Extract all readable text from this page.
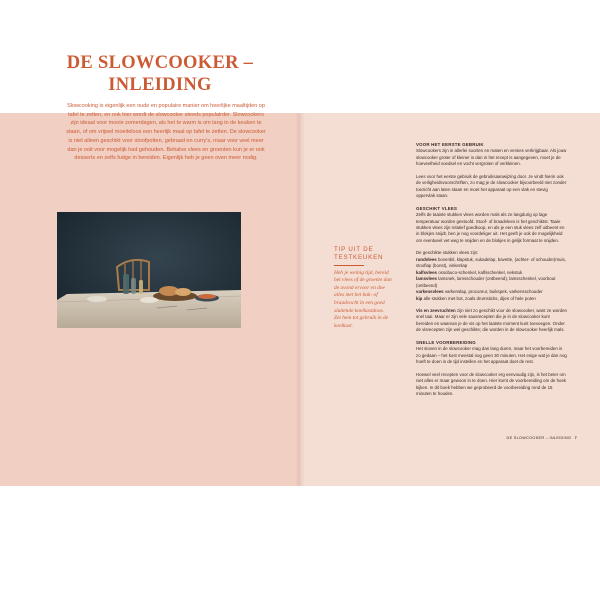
DE SLOWCOOKER –
INLEIDING

Slowcooking is eigenlijk een oude en populaire manier om heerlijke maaltijden op tafel te zetten, en ook hier wordt de slowcooker steeds populairder. Slowcookers zijn ideaal voor mooie zomerdagen, als het te warm is om lang in de keuken te staan, of om vrijwel moeiteloos een heerlijk maal op tafel te zetten. De slowcooker is niet alleen geschikt voor stoofpotten, gebraad en curry's, maar voor veel meer dan je ooit voor mogelijk had gehouden. Behalve vlees en groenten kun je er ook desserts en zelfs fudge in bereiden. Eigenlijk heb je geen oven meer nodig.

TIP UIT DE
TESTKEUKEN

Heb je weinig tijd, bereid het vlees of de groente dan de avond ervoor en doe alles met het bak- of braadvocht in een goed sluitende koelkastdoos. Zet hem tot gebruik in de koelkast.

VOOR HET EERSTE GEBRUIK

Slowcookers zijn in allerlei soorten en maten en versies verkrijgbaar. Als jouw slowcooker groter of kleiner is dan in het recept is aangegeven, moet je de hoeveelheid voedsel en vocht vergroten of verkleinen.

Lees voor het eerste gebruik de gebruiksaanwijzing door. Je vindt hierin ook de veiligheidsvoorschriften, zo mag je de slowcooker bijvoorbeeld niet zonder toezicht aan laten staan en moet het apparaat op een vlak en stevig oppervlak staan.

GESCHIKT VLEES

Zelfs de taaiste stukken vlees worden mals als ze langdurig op lage temperatuur worden gestoofd. Stoof- of braadvlees is het geschiktst. Taaie stukken vlees zijn relatief goedkoop, en als je een stuk vlees zelf uitbeent en in blokjes snijdt, ben je nog voordeliger uit. Het geeft je ook de mogelijkheid om eventueel vet weg te snijden en de blokjes in gelijk formaat te snijden.

De geschikte stukken vlees zijn:

rundvlees bovenbil, klapstuk, sukadelap, bavette, (achter- of schouder)muis, stooflap (bonst), vinkenlap

kalfsvlees ossobuco-schenkel, kalfsschenkel, nekstuk

lamsvlees lamsnek, lamsschouder (ontbeend), lamsschenkel, voorbout (ontbeend)

varkensvlees varkenslap, procureur, buikspek, varkensschouder

kip alle stukken met bot, zoals drumsticks, dijen of hele poten

Vis en zeevruchten zijn niet zo geschikt voor de slowcooker, want ze worden snel taai. Maar er zijn vele sausrecepten die je in de slowcooker kunt bereiden en waarvan je de vis op het laatste moment kunt toevoegen. Onder de visrecepten zijn wel geschikte; die worden in de slowcooker heerlijk mals.

SNELLE VOORBEREIDING

Het stoven in de slowcooker mag dan lang duren, maar het voorbereiden is zo gedaan – het kost meestal nog geen 30 minuten. Het enige wat je dan nog hoeft te doen is de tijd instellen en het apparaat doet de rest.

Hoewel veel recepten voor de slowcooker erg eenvoudig zijn, is het beter om niet alles er maar gewoon in te doen. Hier komt de voorbereiding om de hoek kijken. In dit boek hebben we geprobeerd de voorbereiding rond de 15 minuten te houden.

DE SLOWCOOKER – INLEIDING 7
